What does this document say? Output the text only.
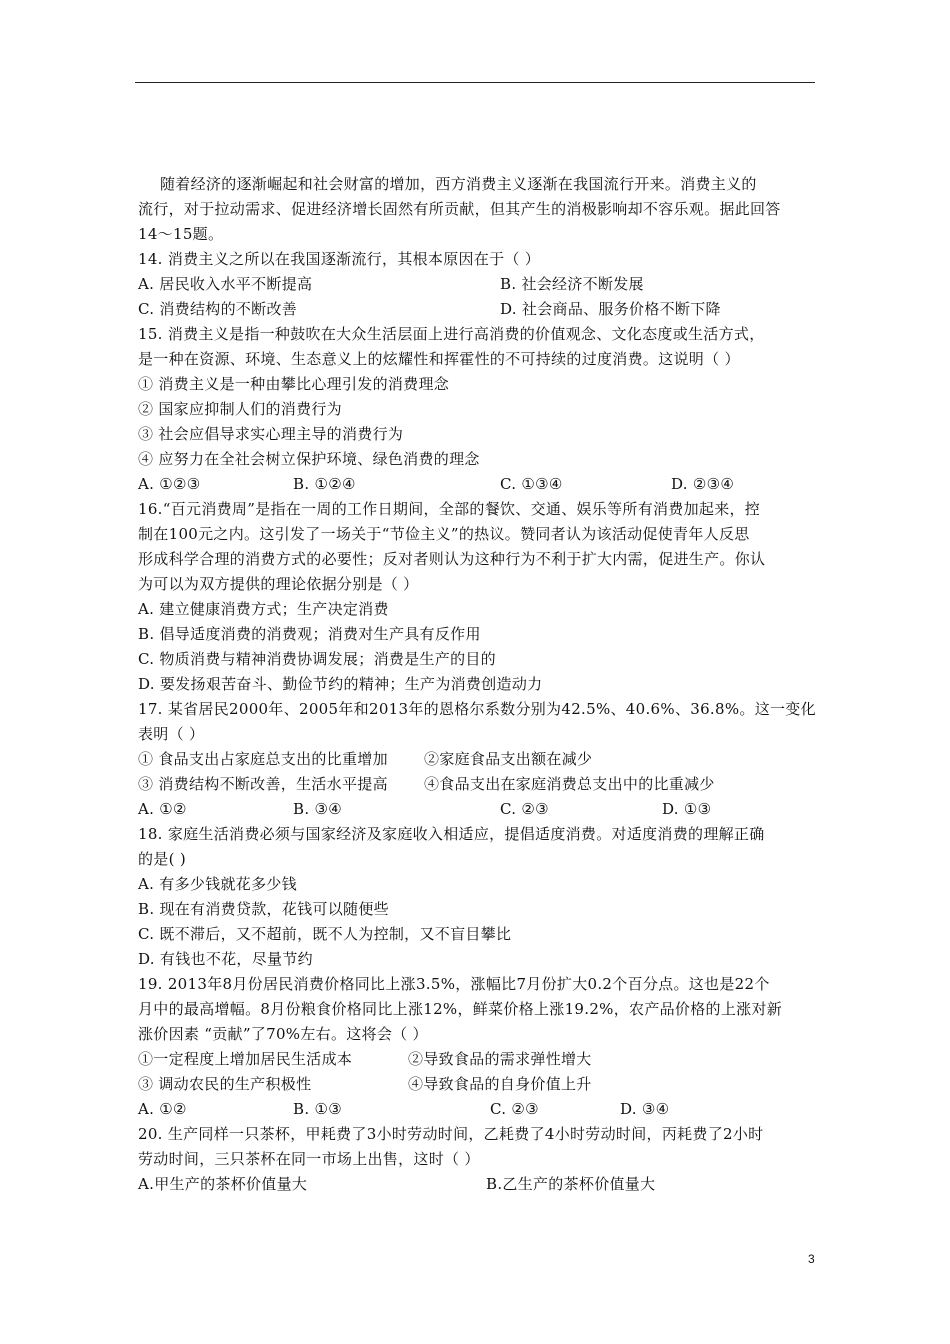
随着经济的逐渐崛起和社会财富的增加，西方消费主义逐渐在我国流行开来。消费主义的
流行，对于拉动需求、促进经济增长固然有所贡献，但其产生的消极影响却不容乐观。据此回答
14～15题。
14. 消费主义之所以在我国逐渐流行，其根本原因在于（ ）
A. 居民收入水平不断提高	B. 社会经济不断发展
C. 消费结构的不断改善	D. 社会商品、服务价格不断下降
15. 消费主义是指一种鼓吹在大众生活层面上进行高消费的价值观念、文化态度或生活方式，
是一种在资源、环境、生态意义上的炫耀性和挥霍性的不可持续的过度消费。这说明（ ）
① 消费主义是一种由攀比心理引发的消费理念
② 国家应抑制人们的消费行为
③ 社会应倡导求实心理主导的消费行为
④ 应努力在全社会树立保护环境、绿色消费的理念
A. ①②③	B. ①②④	C. ①③④	D. ②③④
16.“百元消费周”是指在一周的工作日期间，全部的餐饮、交通、娱乐等所有消费加起来，控
制在100元之内。这引发了一场关于“节俭主义”的热议。赞同者认为该活动促使青年人反思
形成科学合理的消费方式的必要性；反对者则认为这种行为不利于扩大内需，促进生产。你认
为可以为双方提供的理论依据分别是（ ）
A. 建立健康消费方式；生产决定消费
B. 倡导适度消费的消费观；消费对生产具有反作用
C. 物质消费与精神消费协调发展；消费是生产的目的
D. 要发扬艰苦奋斗、勤俭节约的精神；生产为消费创造动力
17. 某省居民2000年、2005年和2013年的恩格尔系数分别为42.5%、40.6%、36.8%。这一变化
表明（ ）
① 食品支出占家庭总支出的比重增加 ②家庭食品支出额在减少
③ 消费结构不断改善，生活水平提高 ④食品支出在家庭消费总支出中的比重减少
A. ①②	B. ③④	C. ②③	D. ①③
18. 家庭生活消费必须与国家经济及家庭收入相适应，提倡适度消费。对适度消费的理解正确
的是( )
A. 有多少钱就花多少钱
B. 现在有消费贷款，花钱可以随便些
C. 既不滞后，又不超前，既不人为控制，又不盲目攀比
D. 有钱也不花，尽量节约
19. 2013年8月份居民消费价格同比上涨3.5%，涨幅比7月份扩大0.2个百分点。这也是22个
月中的最高增幅。8月份粮食价格同比上涨12%，鲜菜价格上涨19.2%，农产品价格的上涨对新
涨价因素 “贡献”了70%左右。这将会（ ）
①一定程度上增加居民生活成本	②导致食品的需求弹性增大
③ 调动农民的生产积极性	④导致食品的自身价值上升
A. ①②	B. ①③	C. ②③	D. ③④
20. 生产同样一只茶杯，甲耗费了3小时劳动时间，乙耗费了4小时劳动时间，丙耗费了2小时
劳动时间，三只茶杯在同一市场上出售，这时（ ）
A.甲生产的茶杯价值量大	B.乙生产的茶杯价值量大
3
